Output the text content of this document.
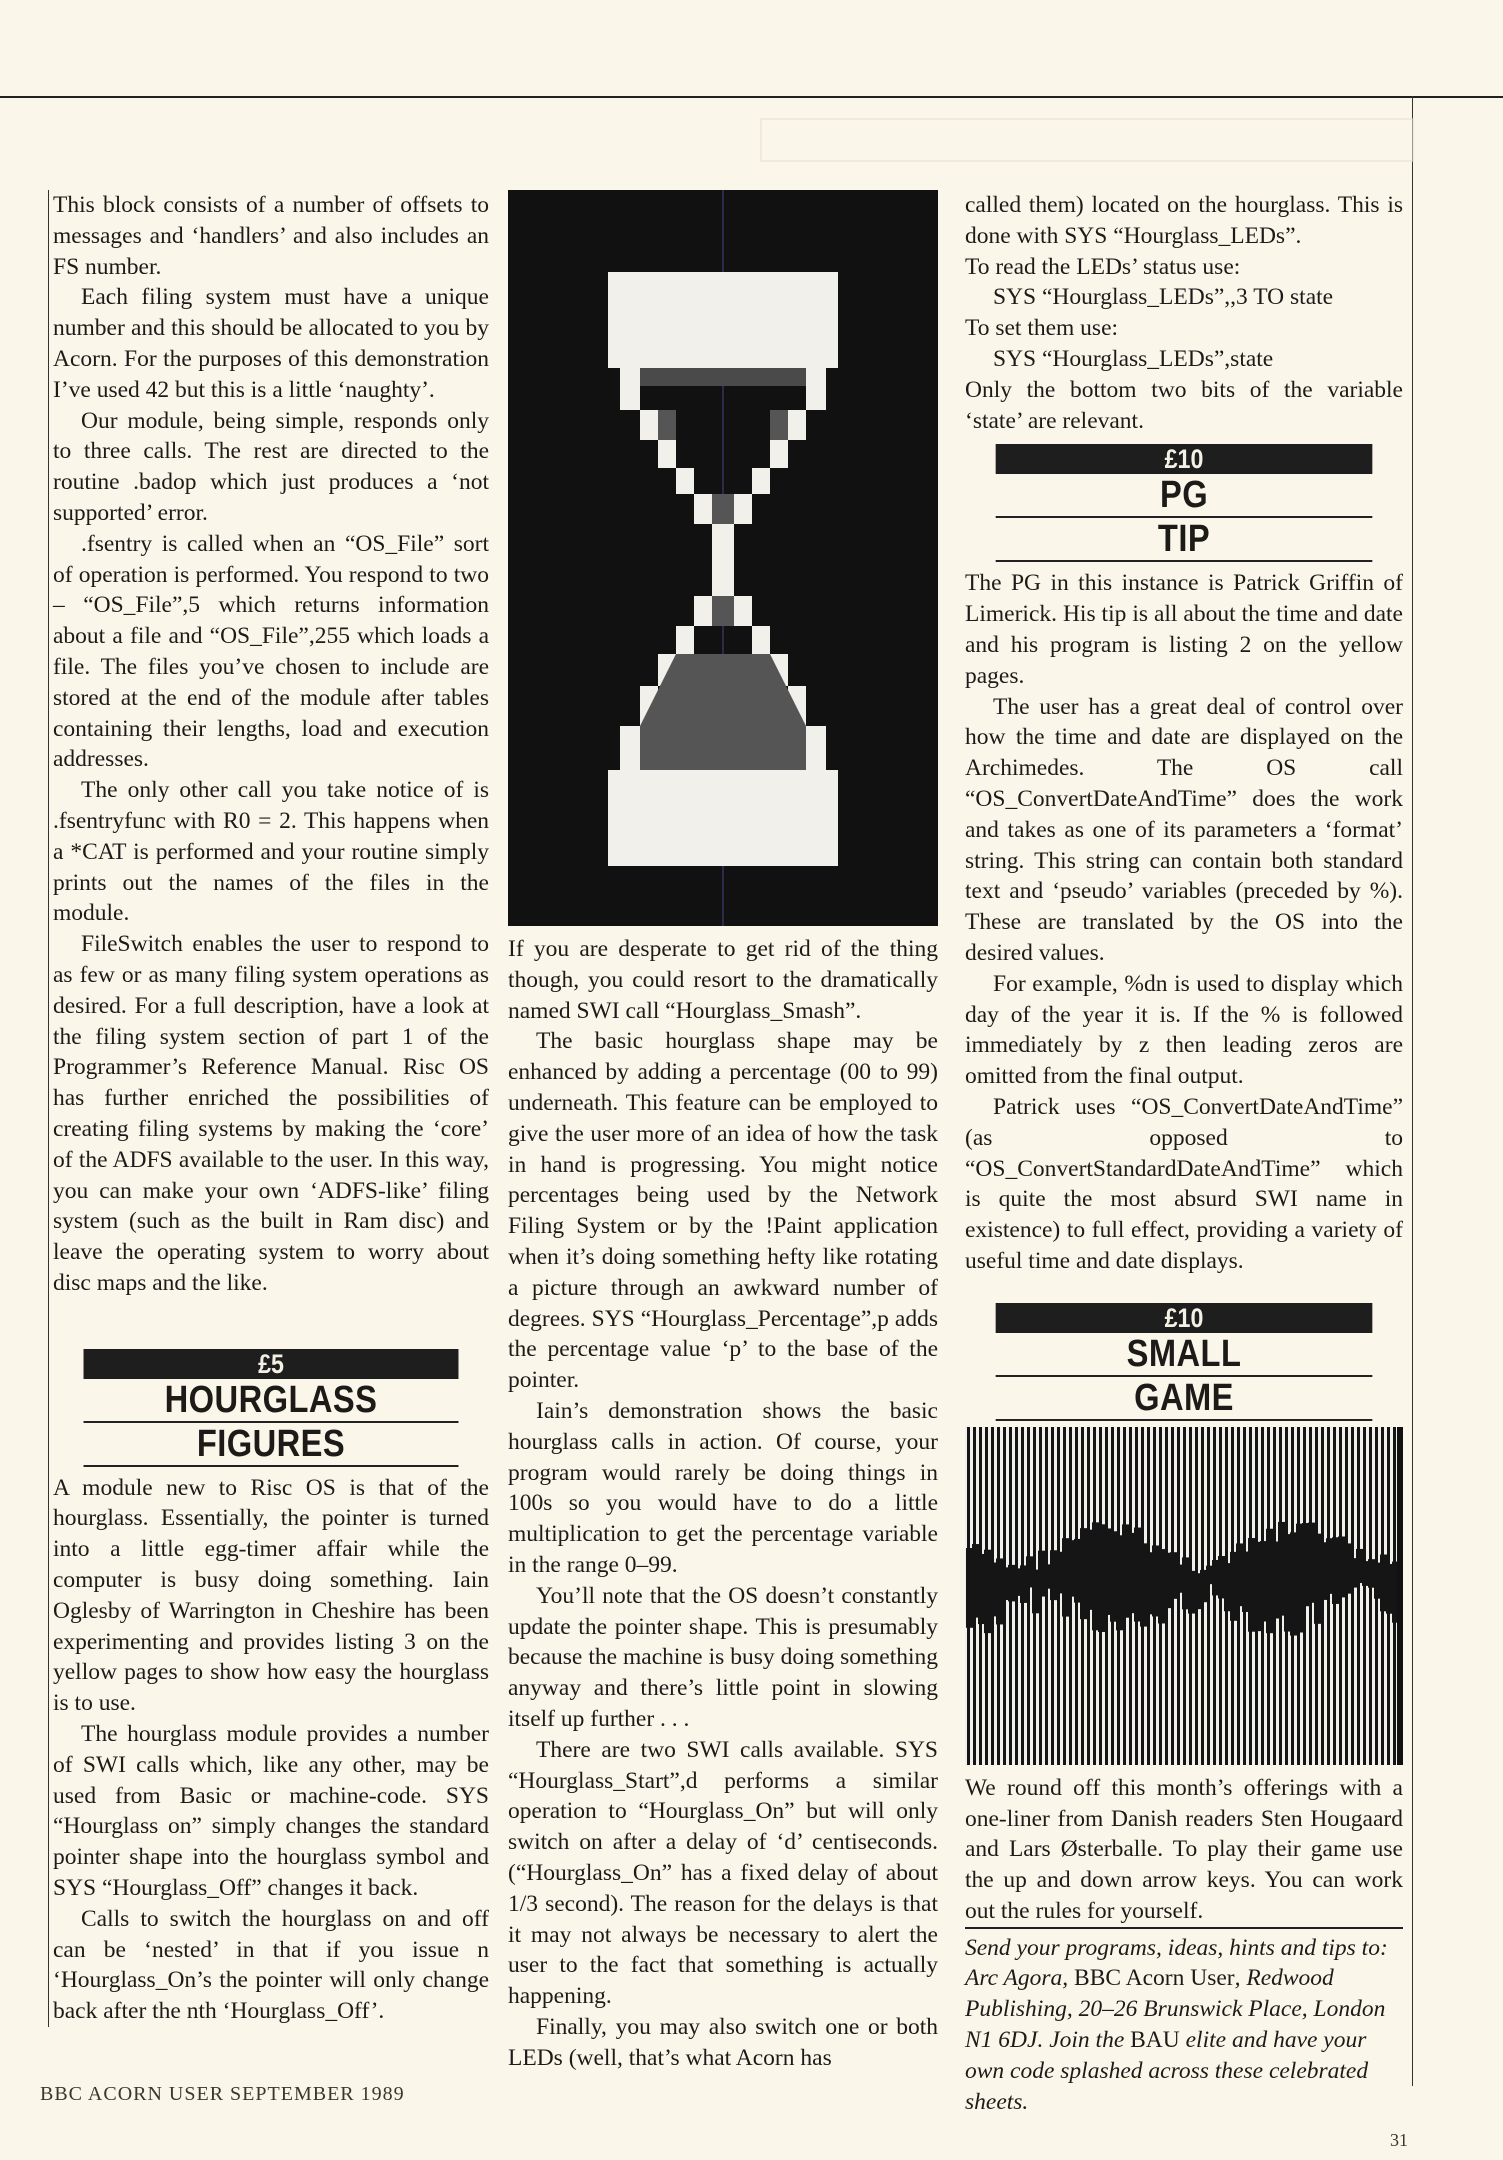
This block consists of a number of offsets to messages and ‘handlers’ and also includes an FS number.

Each filing system must have a unique number and this should be allocated to you by Acorn. For the purposes of this demonstration I’ve used 42 but this is a little ‘naughty’.

Our module, being simple, responds only to three calls. The rest are directed to the routine .badop which just produces a ‘not supported’ error.

.fsentry is called when an “OS_File” sort of operation is performed. You respond to two – “OS_File”,5 which returns information about a file and “OS_File”,255 which loads a file. The files you’ve chosen to include are stored at the end of the module after tables containing their lengths, load and execution addresses.

The only other call you take notice of is .fsentryfunc with R0 = 2. This happens when a *CAT is performed and your routine simply prints out the names of the files in the module.

FileSwitch enables the user to respond to as few or as many filing system operations as desired. For a full description, have a look at the filing system section of part 1 of the Programmer’s Reference Manual. Risc OS has further enriched the possibilities of creating filing systems by making the ‘core’ of the ADFS available to the user. In this way, you can make your own ‘ADFS-like’ filing system (such as the built in Ram disc) and leave the operating system to worry about disc maps and the like.

£5
HOURGLASS
FIGURES

A module new to Risc OS is that of the hourglass. Essentially, the pointer is turned into a little egg-timer affair while the computer is busy doing something. Iain Oglesby of Warrington in Cheshire has been experimenting and provides listing 3 on the yellow pages to show how easy the hourglass is to use.

The hourglass module provides a number of SWI calls which, like any other, may be used from Basic or machine-code. SYS “Hourglass on” simply changes the standard pointer shape into the hourglass symbol and SYS “Hourglass_Off” changes it back.

Calls to switch the hourglass on and off can be ‘nested’ in that if you issue n ‘Hourglass_On’s the pointer will only change back after the nth ‘Hourglass_Off’.

If you are desperate to get rid of the thing though, you could resort to the dramatically named SWI call “Hourglass_Smash”.

The basic hourglass shape may be enhanced by adding a percentage (00 to 99) underneath. This feature can be employed to give the user more of an idea of how the task in hand is progressing. You might notice percentages being used by the Network Filing System or by the !Paint application when it’s doing something hefty like rotating a picture through an awkward number of degrees. SYS “Hourglass_Percentage”,p adds the percentage value ‘p’ to the base of the pointer.

Iain’s demonstration shows the basic hourglass calls in action. Of course, your program would rarely be doing things in 100s so you would have to do a little multiplication to get the percentage variable in the range 0–99.

You’ll note that the OS doesn’t constantly update the pointer shape. This is presumably because the machine is busy doing something anyway and there’s little point in slowing itself up further . . .

There are two SWI calls available. SYS “Hourglass_Start”,d performs a similar operation to “Hourglass_On” but will only switch on after a delay of ‘d’ centiseconds. (“Hourglass_On” has a fixed delay of about 1/3 second). The reason for the delays is that it may not always be necessary to alert the user to the fact that something is actually happening.

Finally, you may also switch one or both LEDs (well, that’s what Acorn has

called them) located on the hourglass. This is done with SYS “Hourglass_LEDs”.

To read the LEDs’ status use:

SYS “Hourglass_LEDs”,,3 TO state

To set them use:

SYS “Hourglass_LEDs”,state

Only the bottom two bits of the variable ‘state’ are relevant.

£10
PG
TIP

The PG in this instance is Patrick Griffin of Limerick. His tip is all about the time and date and his program is listing 2 on the yellow pages.

The user has a great deal of control over how the time and date are displayed on the Archimedes. The OS call “OS_ConvertDateAndTime” does the work and takes as one of its parameters a ‘format’ string. This string can contain both standard text and ‘pseudo’ variables (preceded by %). These are translated by the OS into the desired values.

For example, %dn is used to display which day of the year it is. If the % is followed immediately by z then leading zeros are omitted from the final output.

Patrick uses “OS_ConvertDateAndTime” (as opposed to “OS_ConvertStandardDateAndTime” which is quite the most absurd SWI name in existence) to full effect, providing a variety of useful time and date displays.

£10
SMALL
GAME

We round off this month’s offerings with a one-liner from Danish readers Sten Hougaard and Lars Østerballe. To play their game use the up and down arrow keys. You can work out the rules for yourself.

Send your programs, ideas, hints and tips to: Arc Agora, BBC Acorn User, Redwood Publishing, 20–26 Brunswick Place, London N1 6DJ. Join the BAU elite and have your own code splashed across these celebrated sheets.

BBC ACORN USER SEPTEMBER 1989
31
